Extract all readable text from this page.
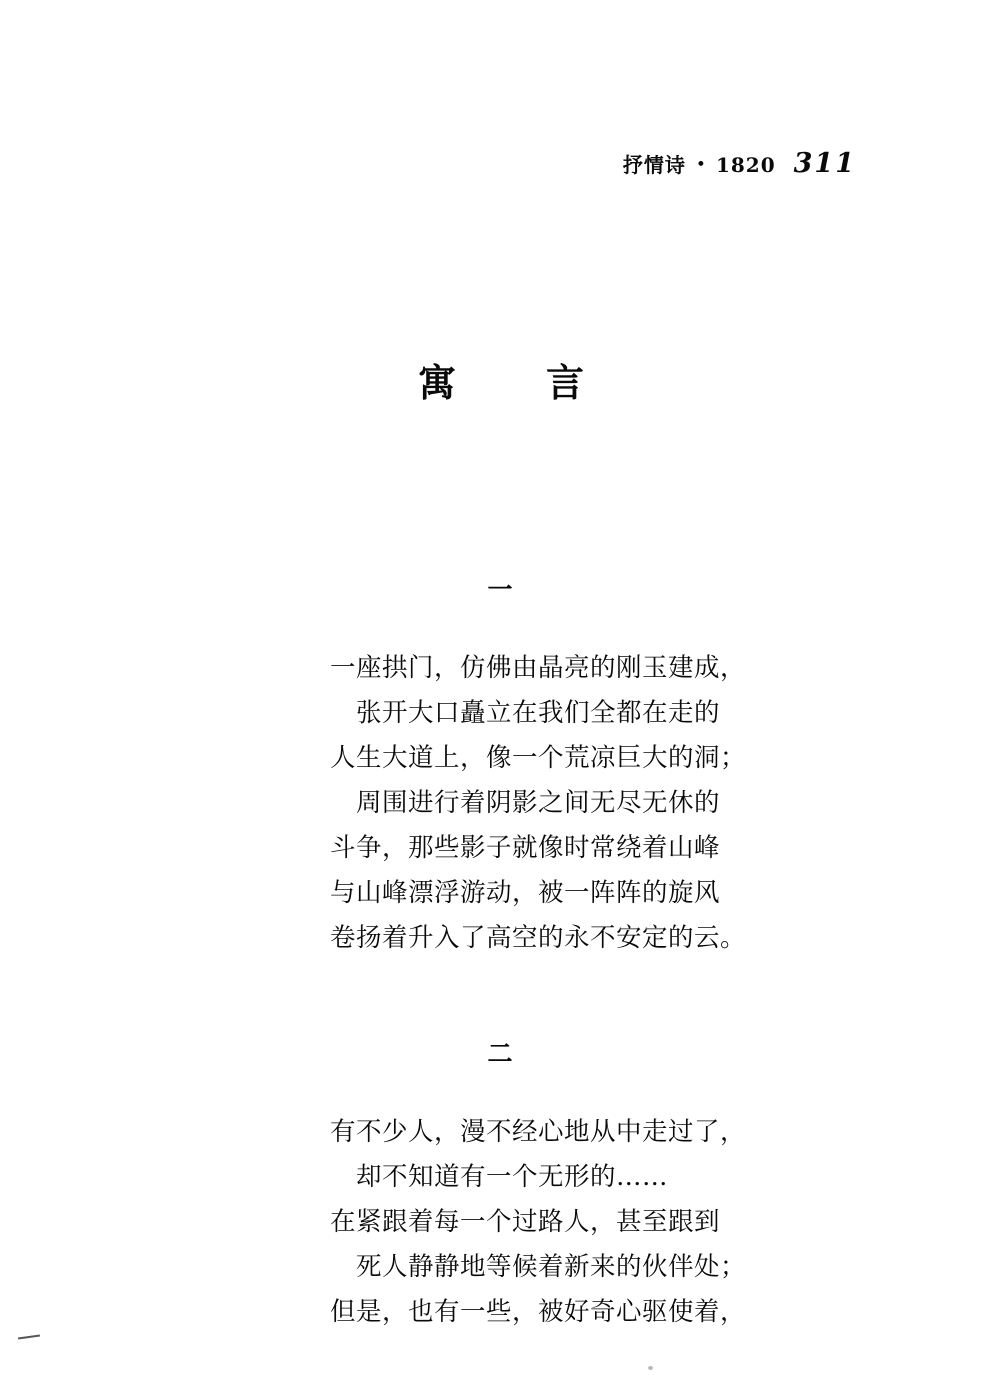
抒情诗 • 1820 311
寓　言
一
一座拱门，仿佛由晶亮的刚玉建成，
张开大口矗立在我们全都在走的
人生大道上，像一个荒凉巨大的洞；
周围进行着阴影之间无尽无休的
斗争，那些影子就像时常绕着山峰
与山峰漂浮游动，被一阵阵的旋风
卷扬着升入了高空的永不安定的云。
二
有不少人，漫不经心地从中走过了，
却不知道有一个无形的……
在紧跟着每一个过路人，甚至跟到
死人静静地等候着新来的伙伴处；
但是，也有一些，被好奇心驱使着，
